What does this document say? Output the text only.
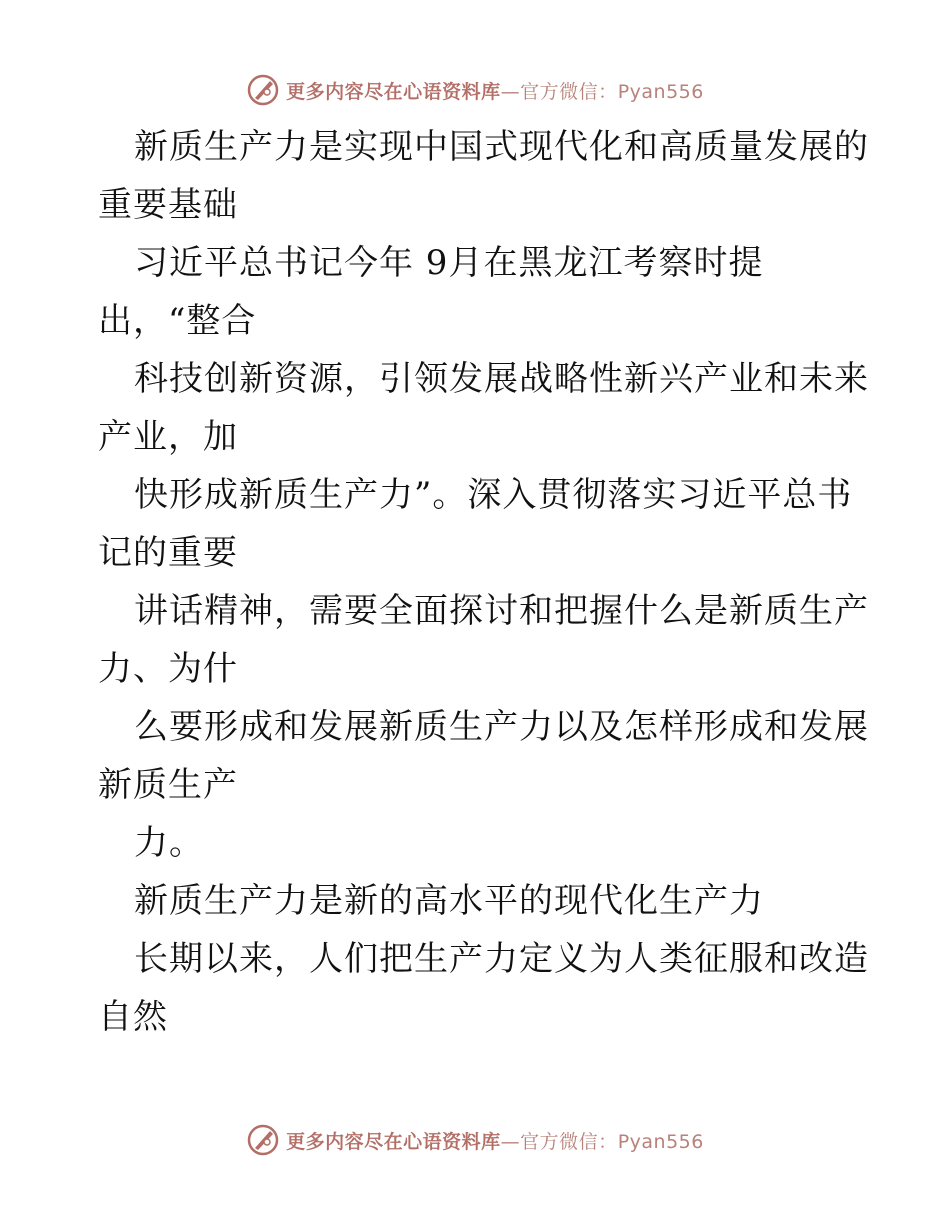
更多内容尽在心语资料库—官方微信：Pyan556
新质生产力是实现中国式现代化和高质量发展的
重要基础
习近平总书记今年 9月在黑龙江考察时提
出，“整合
科技创新资源，引领发展战略性新兴产业和未来
产业，加
快形成新质生产力”。深入贯彻落实习近平总书
记的重要
讲话精神，需要全面探讨和把握什么是新质生产
力、为什
么要形成和发展新质生产力以及怎样形成和发展
新质生产
力。
新质生产力是新的高水平的现代化生产力
长期以来，人们把生产力定义为人类征服和改造
自然
更多内容尽在心语资料库—官方微信：Pyan556
